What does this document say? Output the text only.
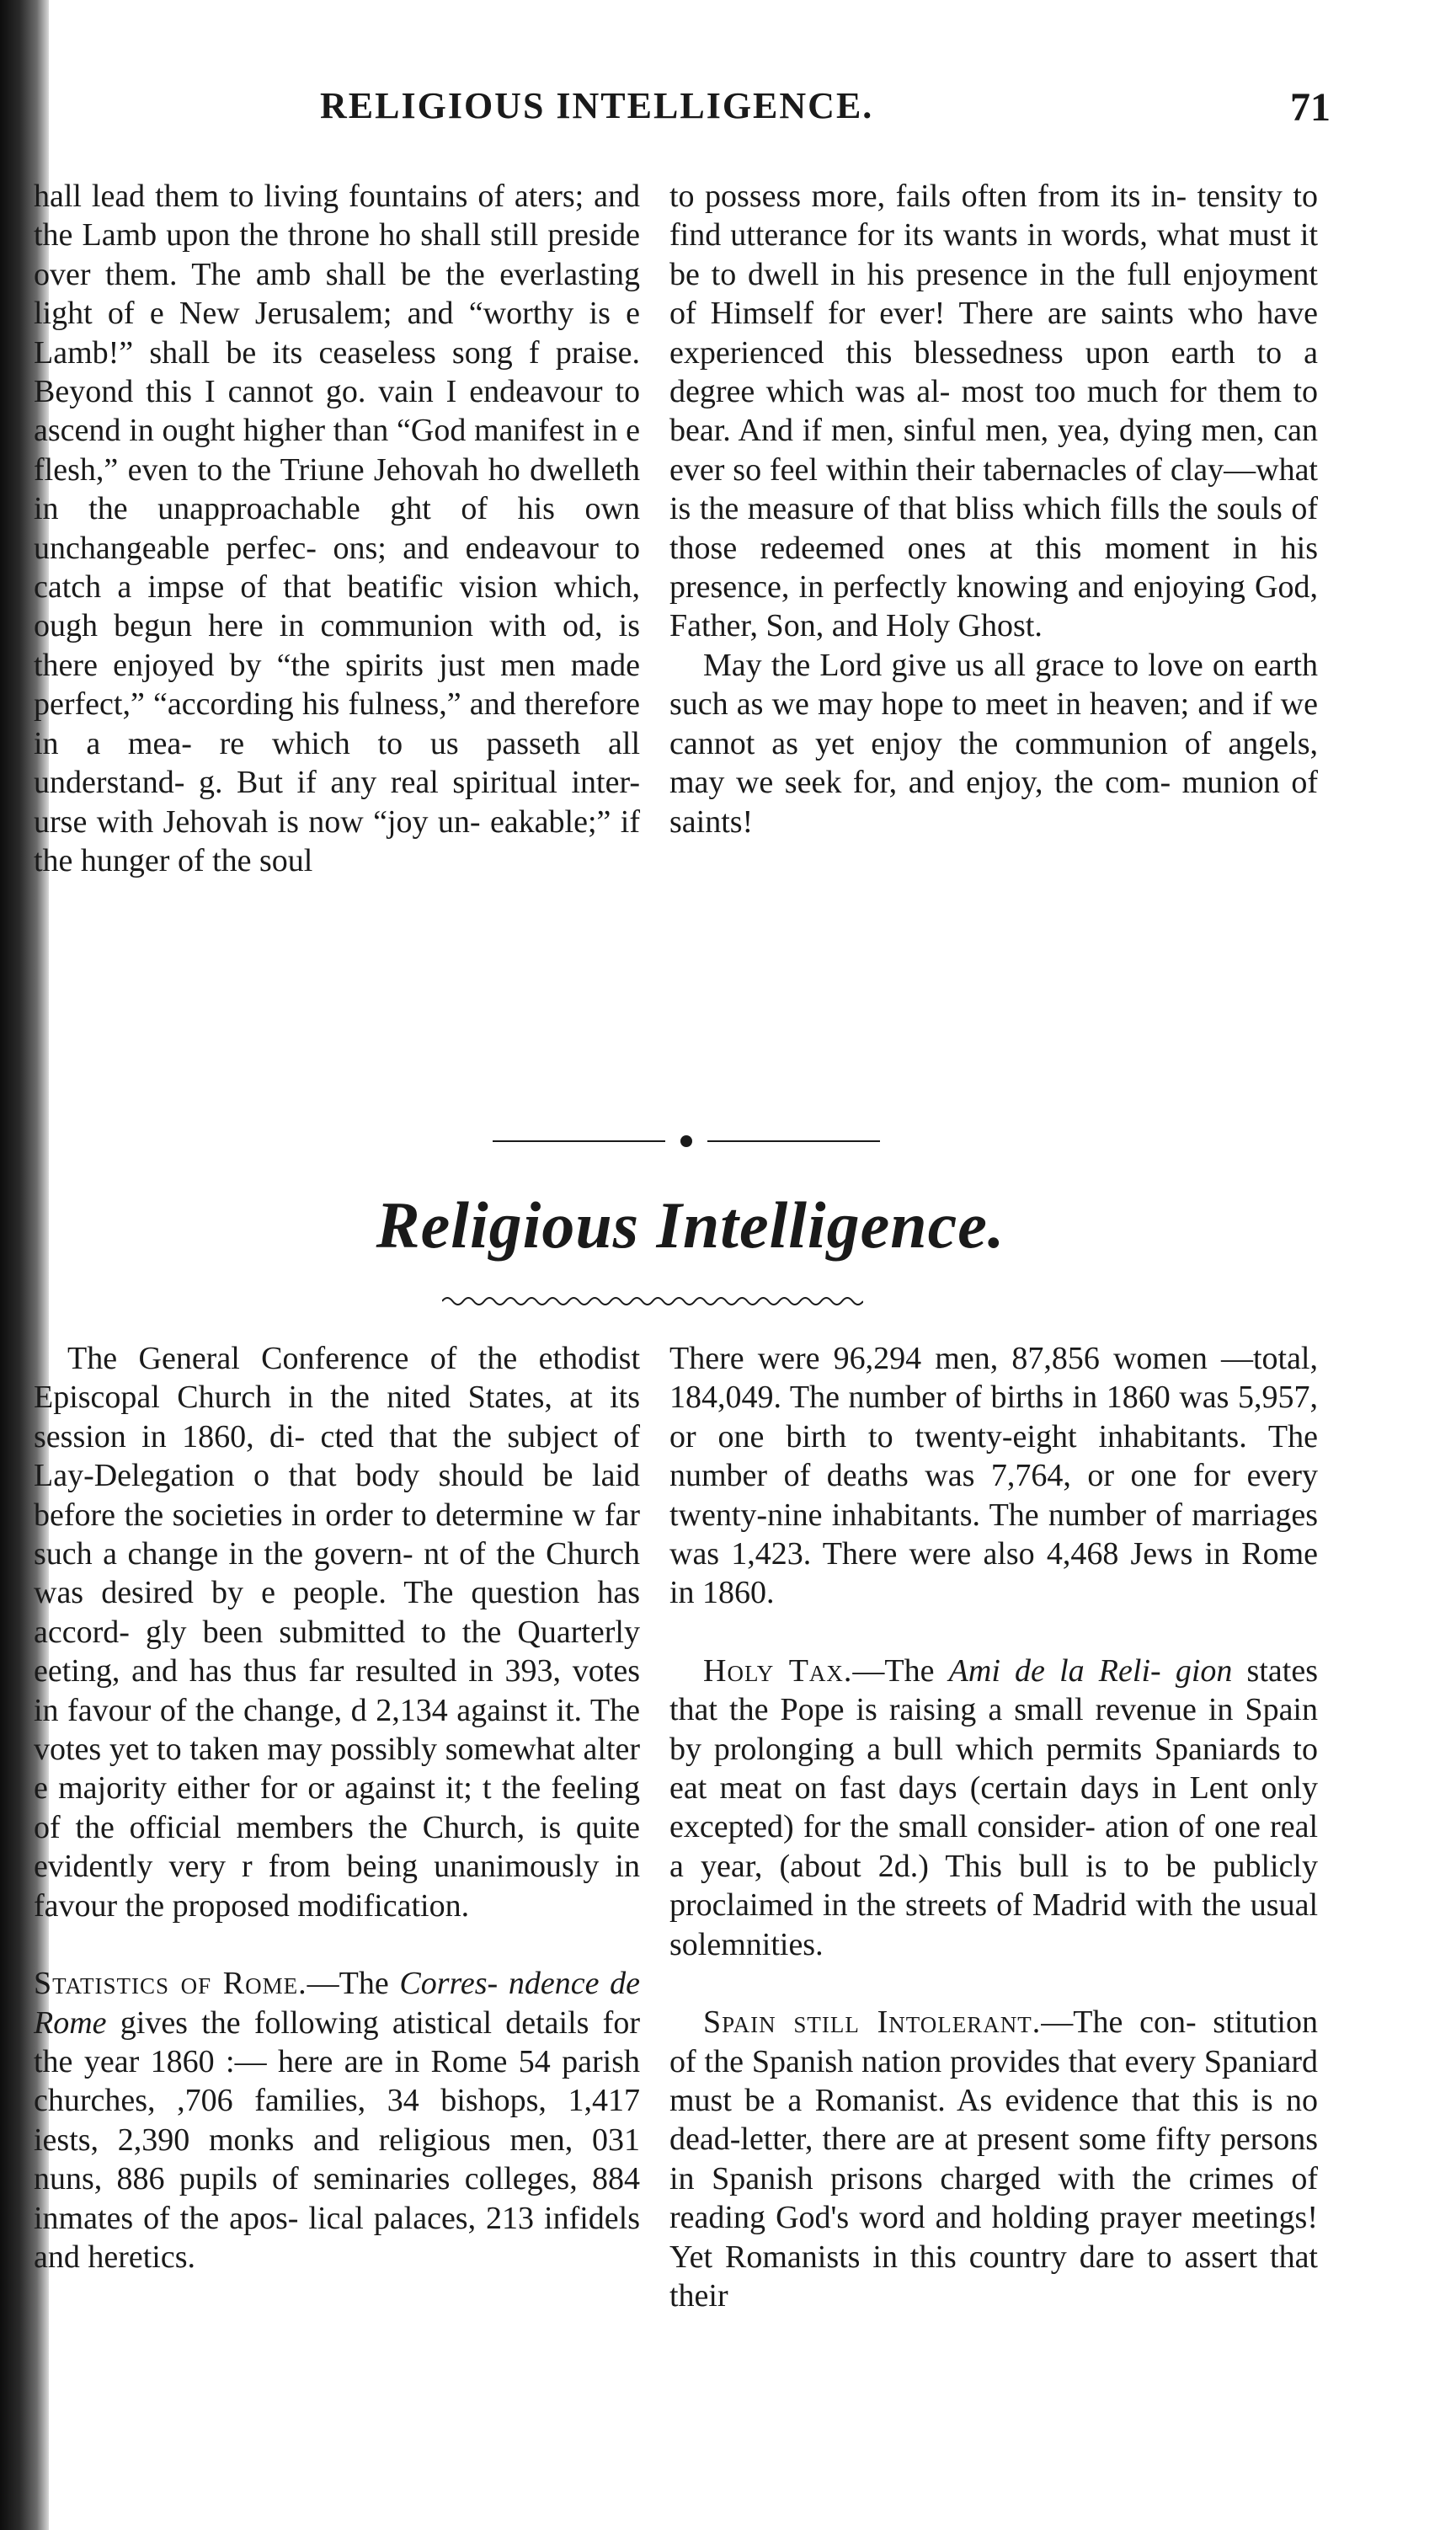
RELIGIOUS INTELLIGENCE.	71

hall lead them to living fountains of aters; and the Lamb upon the throne ho shall still preside over them. The amb shall be the everlasting light of e New Jerusalem; and “worthy is e Lamb!” shall be its ceaseless song f praise. Beyond this I cannot go. vain I endeavour to ascend in ought higher than “God manifest in e flesh,” even to the Triune Jehovah ho dwelleth in the unapproachable ght of his own unchangeable perfec- ons; and endeavour to catch a impse of that beatific vision which, ough begun here in communion with od, is there enjoyed by “the spirits just men made perfect,” “according his fulness,” and therefore in a mea- re which to us passeth all understand- g. But if any real spiritual inter- urse with Jehovah is now “joy un- eakable;” if the hunger of the soul

to possess more, fails often from its in- tensity to find utterance for its wants in words, what must it be to dwell in his presence in the full enjoyment of Himself for ever! There are saints who have experienced this blessedness upon earth to a degree which was al- most too much for them to bear. And if men, sinful men, yea, dying men, can ever so feel within their tabernacles of clay—what is the measure of that bliss which fills the souls of those redeemed ones at this moment in his presence, in perfectly knowing and enjoying God, Father, Son, and Holy Ghost.

May the Lord give us all grace to love on earth such as we may hope to meet in heaven; and if we cannot as yet enjoy the communion of angels, may we seek for, and enjoy, the com- munion of saints!

Religious Intelligence.

The General Conference of the ethodist Episcopal Church in the nited States, at its session in 1860, di- cted that the subject of Lay-Delegation o that body should be laid before the societies in order to determine w far such a change in the govern- nt of the Church was desired by e people. The question has accord- gly been submitted to the Quarterly eeting, and has thus far resulted in 393, votes in favour of the change, d 2,134 against it. The votes yet to taken may possibly somewhat alter e majority either for or against it; t the feeling of the official members the Church, is quite evidently very r from being unanimously in favour the proposed modification.

Statistics of Rome.—The Corres- ndence de Rome gives the following atistical details for the year 1860 :— here are in Rome 54 parish churches, ,706 families, 34 bishops, 1,417 iests, 2,390 monks and religious men, 031 nuns, 886 pupils of seminaries colleges, 884 inmates of the apos- lical palaces, 213 infidels and heretics.

There were 96,294 men, 87,856 women —total, 184,049. The number of births in 1860 was 5,957, or one birth to twenty-eight inhabitants. The number of deaths was 7,764, or one for every twenty-nine inhabitants. The number of marriages was 1,423. There were also 4,468 Jews in Rome in 1860.

Holy Tax.—The Ami de la Reli- gion states that the Pope is raising a small revenue in Spain by prolonging a bull which permits Spaniards to eat meat on fast days (certain days in Lent only excepted) for the small consider- ation of one real a year, (about 2d.) This bull is to be publicly proclaimed in the streets of Madrid with the usual solemnities.

Spain still Intolerant.—The con- stitution of the Spanish nation provides that every Spaniard must be a Romanist. As evidence that this is no dead-letter, there are at present some fifty persons in Spanish prisons charged with the crimes of reading God's word and holding prayer meetings! Yet Romanists in this country dare to assert that their
